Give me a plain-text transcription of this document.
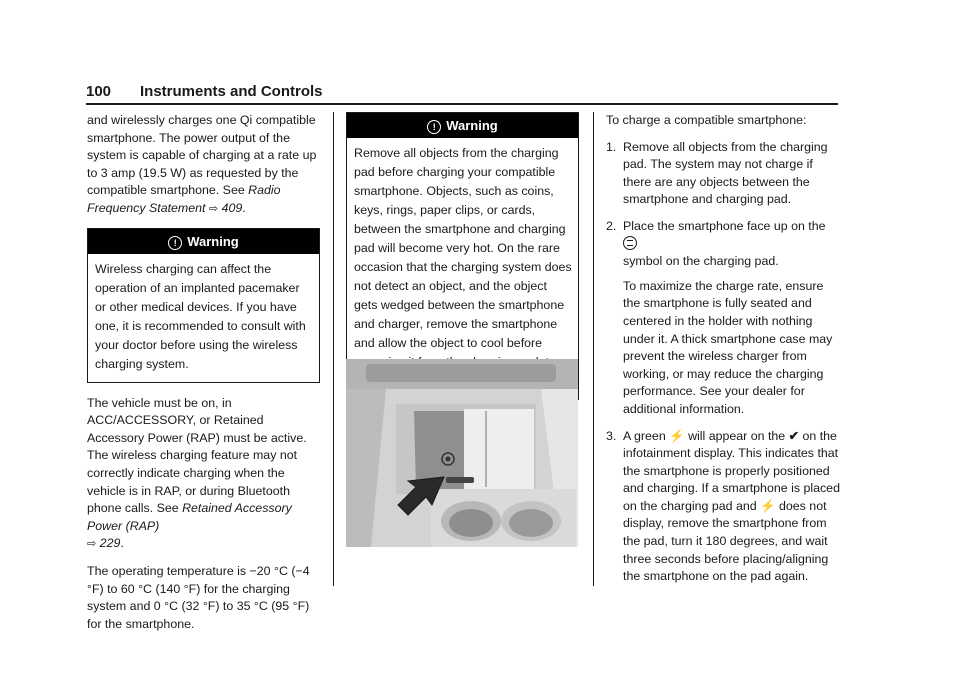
100 Instruments and Controls

and wirelessly charges one Qi compatible smartphone. The power output of the system is capable of charging at a rate up to 3 amp (19.5 W) as requested by the compatible smartphone. See Radio Frequency Statement ⇨ 409.

! Warning
Wireless charging can affect the operation of an implanted pacemaker or other medical devices. If you have one, it is recommended to consult with your doctor before using the wireless charging system.

The vehicle must be on, in ACC/ACCESSORY, or Retained Accessory Power (RAP) must be active. The wireless charging feature may not correctly indicate charging when the vehicle is in RAP, or during Bluetooth phone calls. See Retained Accessory Power (RAP)
⇨ 229.

The operating temperature is −20 °C (−4 °F) to 60 °C (140 °F) for the charging system and 0 °C (32 °F) to 35 °C (95 °F) for the smartphone.

! Warning
Remove all objects from the charging pad before charging your compatible smartphone. Objects, such as coins, keys, rings, paper clips, or cards, between the smartphone and charging pad will become very hot. On the rare occasion that the charging system does not detect an object, and the object gets wedged between the smartphone and charger, remove the smartphone and allow the object to cool before

To charge a compatible smartphone:

1. Remove all objects from the charging pad. The system may not charge if there are any objects between the smartphone and charging pad.
2. Place the smartphone face up on the
symbol on the charging pad.
To maximize the charge rate, ensure the smartphone is fully seated and centered in the holder with nothing under it. A thick smartphone case may prevent the wireless charger from working, or may reduce the charging performance. See your dealer for additional information.
3. A green ⚡ will appear on the ✔ on the infotainment display. This indicates that the smartphone is properly positioned and charging. If a smartphone is placed on the charging pad and ⚡ does not display, remove the smartphone from the pad, turn it 180 degrees, and wait three seconds before placing/aligning the smartphone on the pad again.
